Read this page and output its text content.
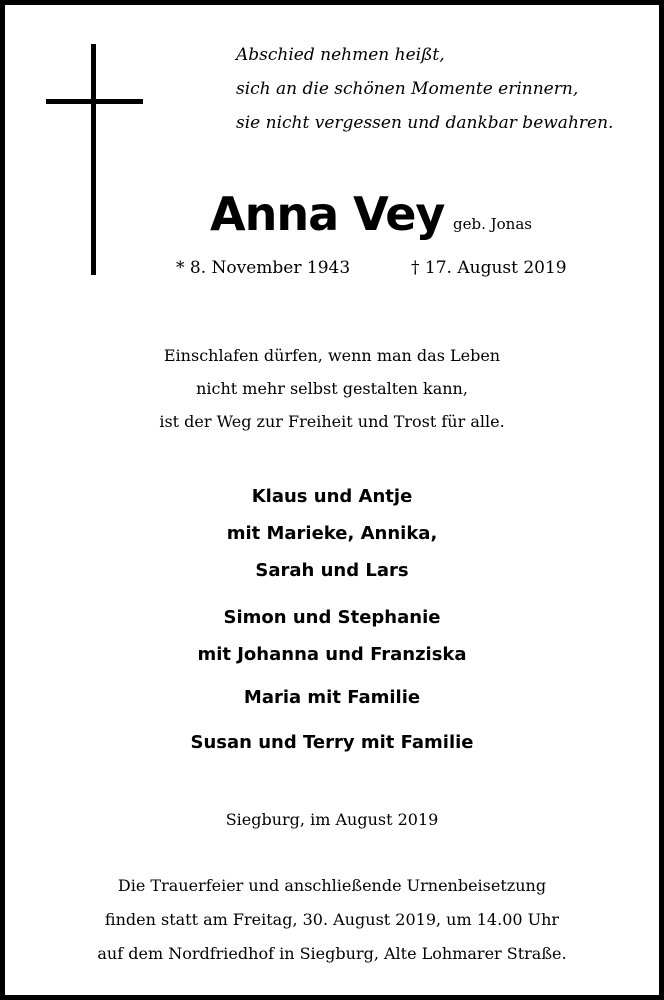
Abschied nehmen heißt,
sich an die schönen Momente erinnern,
sie nicht vergessen und dankbar bewahren.
Anna Vey geb. Jonas
* 8. November 1943	† 17. August 2019
Einschlafen dürfen, wenn man das Leben
nicht mehr selbst gestalten kann,
ist der Weg zur Freiheit und Trost für alle.
Klaus und Antje
mit Marieke, Annika,
Sarah und Lars
Simon und Stephanie
mit Johanna und Franziska
Maria mit Familie
Susan und Terry mit Familie
Siegburg, im August 2019
Die Trauerfeier und anschließende Urnenbeisetzung
finden statt am Freitag, 30. August 2019, um 14.00 Uhr
auf dem Nordfriedhof in Siegburg, Alte Lohmarer Straße.
